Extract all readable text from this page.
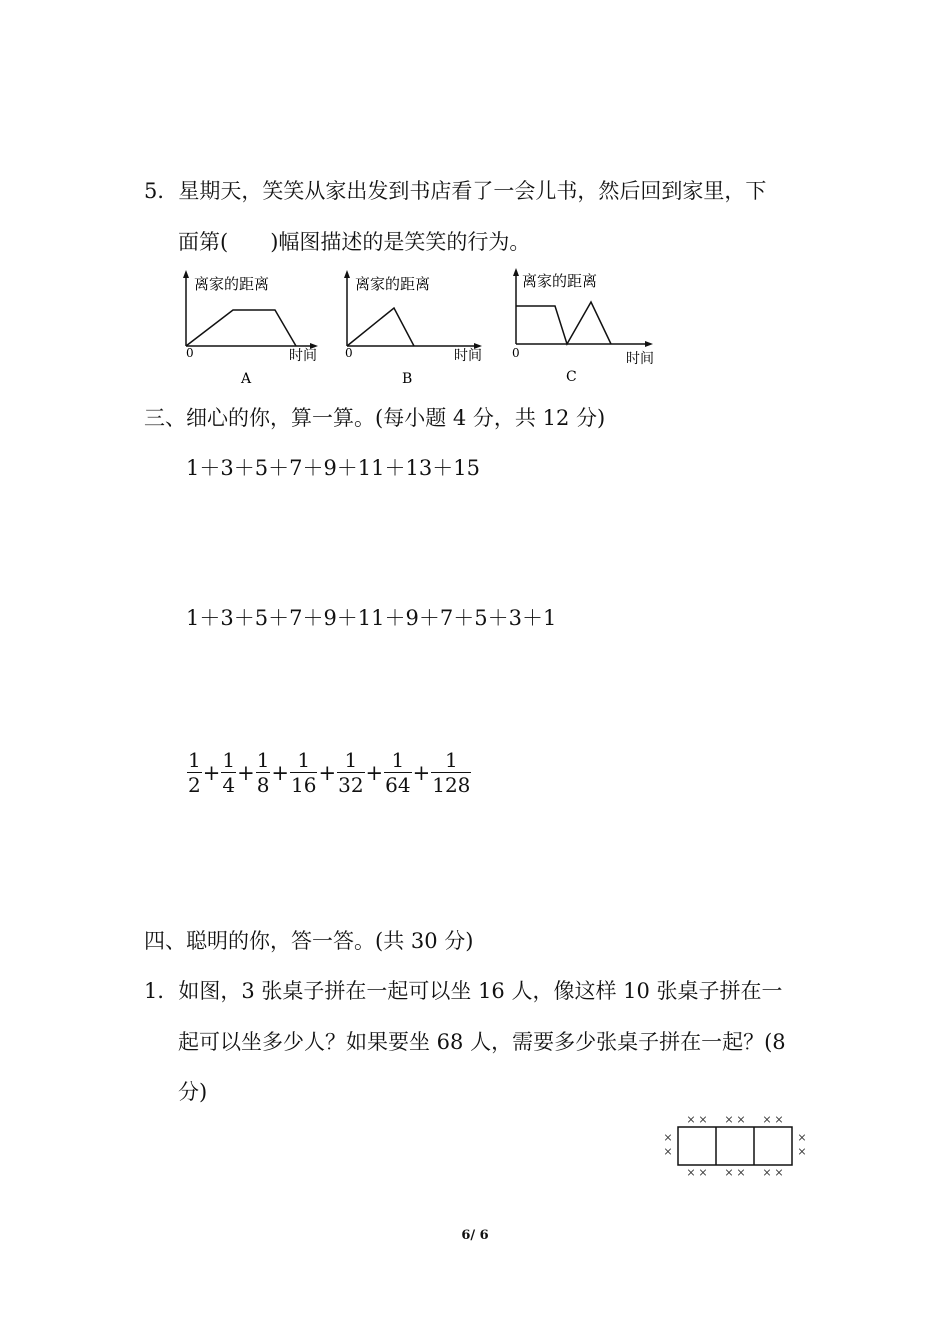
5．星期天，笑笑从家出发到书店看了一会儿书，然后回到家里，下
面第(　　)幅图描述的是笑笑的行为。
离家的距离
0	时间
A
离家的距离
0	时间
B
离家的距离
0	时间
C
三、细心的你，算一算。(每小题 4 分，共 12 分)
1＋3＋5＋7＋9＋11＋13＋15
1＋3＋5＋7＋9＋11＋9＋7＋5＋3＋1
$\frac{1}{2} + \frac{1}{4} + \frac{1}{8} + \frac{1}{16} + \frac{1}{32} + \frac{1}{64} + \frac{1}{128}$
四、聪明的你，答一答。(共 30 分)
1．如图，3 张桌子拼在一起可以坐 16 人，像这样 10 张桌子拼在一
起可以坐多少人？如果要坐 68 人，需要多少张桌子拼在一起？(8
分)
×
×
×
×
×
×
×
×
×
×
×
×
×	×
×	×
6/ 6
